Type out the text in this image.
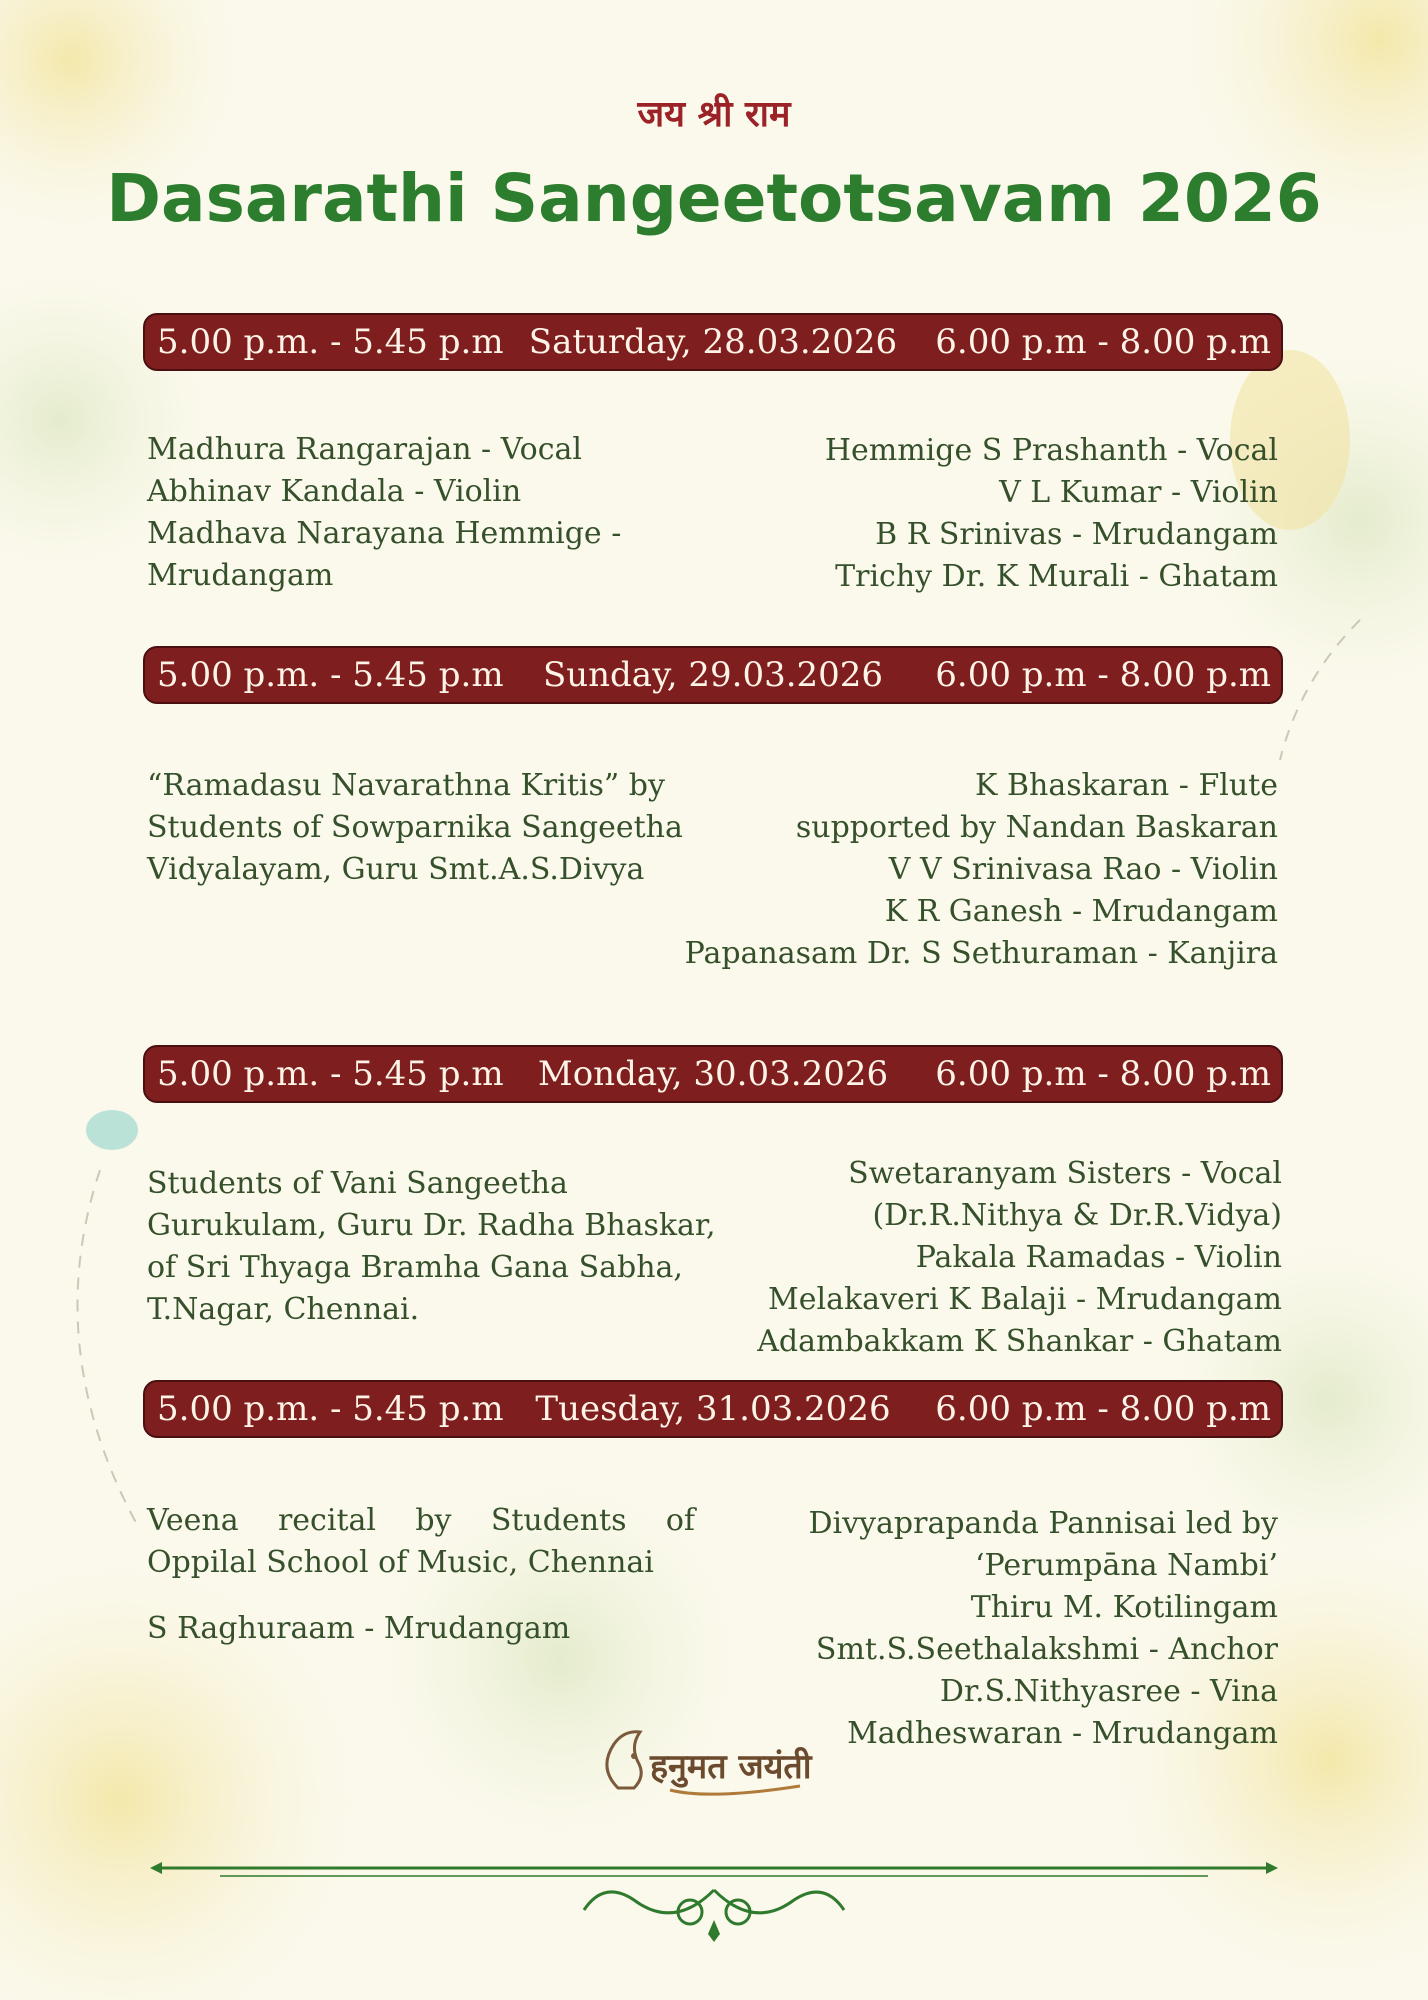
जय श्री राम
Dasarathi Sangeetotsavam 2026
5.00 p.m. - 5.45 p.m Saturday, 28.03.2026 6.00 p.m - 8.00 p.m
Madhura Rangarajan - Vocal
Abhinav Kandala - Violin
Madhava Narayana Hemmige -
Mrudangam
Hemmige S Prashanth - Vocal
V L Kumar - Violin
B R Srinivas - Mrudangam
Trichy Dr. K Murali - Ghatam
5.00 p.m. - 5.45 p.m Sunday, 29.03.2026 6.00 p.m - 8.00 p.m
“Ramadasu Navarathna Kritis” by
Students of Sowparnika Sangeetha
Vidyalayam, Guru Smt.A.S.Divya
K Bhaskaran - Flute
supported by Nandan Baskaran
V V Srinivasa Rao - Violin
K R Ganesh - Mrudangam
Papanasam Dr. S Sethuraman - Kanjira
5.00 p.m. - 5.45 p.m Monday, 30.03.2026 6.00 p.m - 8.00 p.m
Students of Vani Sangeetha
Gurukulam, Guru Dr. Radha Bhaskar,
of Sri Thyaga Bramha Gana Sabha,
T.Nagar, Chennai.
Swetaranyam Sisters - Vocal
(Dr.R.Nithya & Dr.R.Vidya)
Pakala Ramadas - Violin
Melakaveri K Balaji - Mrudangam
Adambakkam K Shankar - Ghatam
5.00 p.m. - 5.45 p.m Tuesday, 31.03.2026 6.00 p.m - 8.00 p.m
Veena recital by Students of
Oppilal School of Music, Chennai
S Raghuraam - Mrudangam
Divyaprapanda Pannisai led by
‘Perumpāna Nambi’
Thiru M. Kotilingam
Smt.S.Seethalakshmi - Anchor
Dr.S.Nithyasree - Vina
Madheswaran - Mrudangam
हनुमत जयंती
